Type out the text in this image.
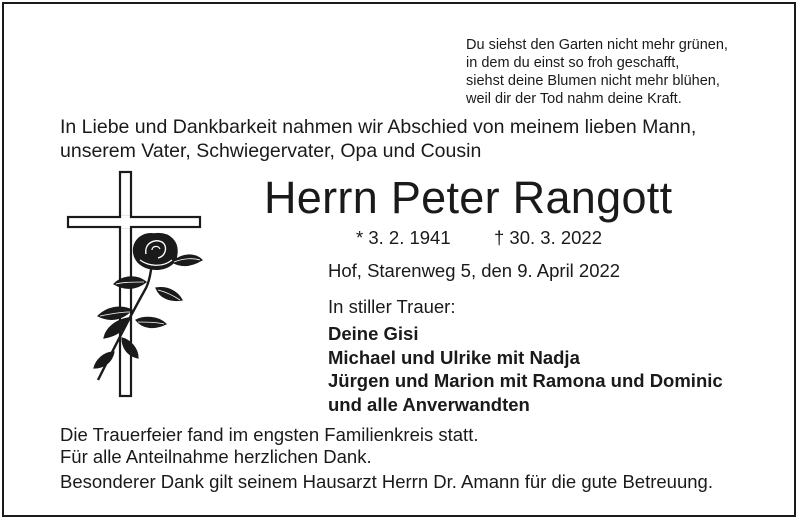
Du siehst den Garten nicht mehr grünen,
in dem du einst so froh geschafft,
siehst deine Blumen nicht mehr blühen,
weil dir der Tod nahm deine Kraft.
In Liebe und Dankbarkeit nahmen wir Abschied von meinem lieben Mann,
unserem Vater, Schwiegervater, Opa und Cousin
Herrn Peter Rangott
* 3. 2. 1941 † 30. 3. 2022
Hof, Starenweg 5, den 9. April 2022
In stiller Trauer:
Deine Gisi
Michael und Ulrike mit Nadja
Jürgen und Marion mit Ramona und Dominic
und alle Anverwandten
Die Trauerfeier fand im engsten Familienkreis statt.
Für alle Anteilnahme herzlichen Dank.
Besonderer Dank gilt seinem Hausarzt Herrn Dr. Amann für die gute Betreuung.
